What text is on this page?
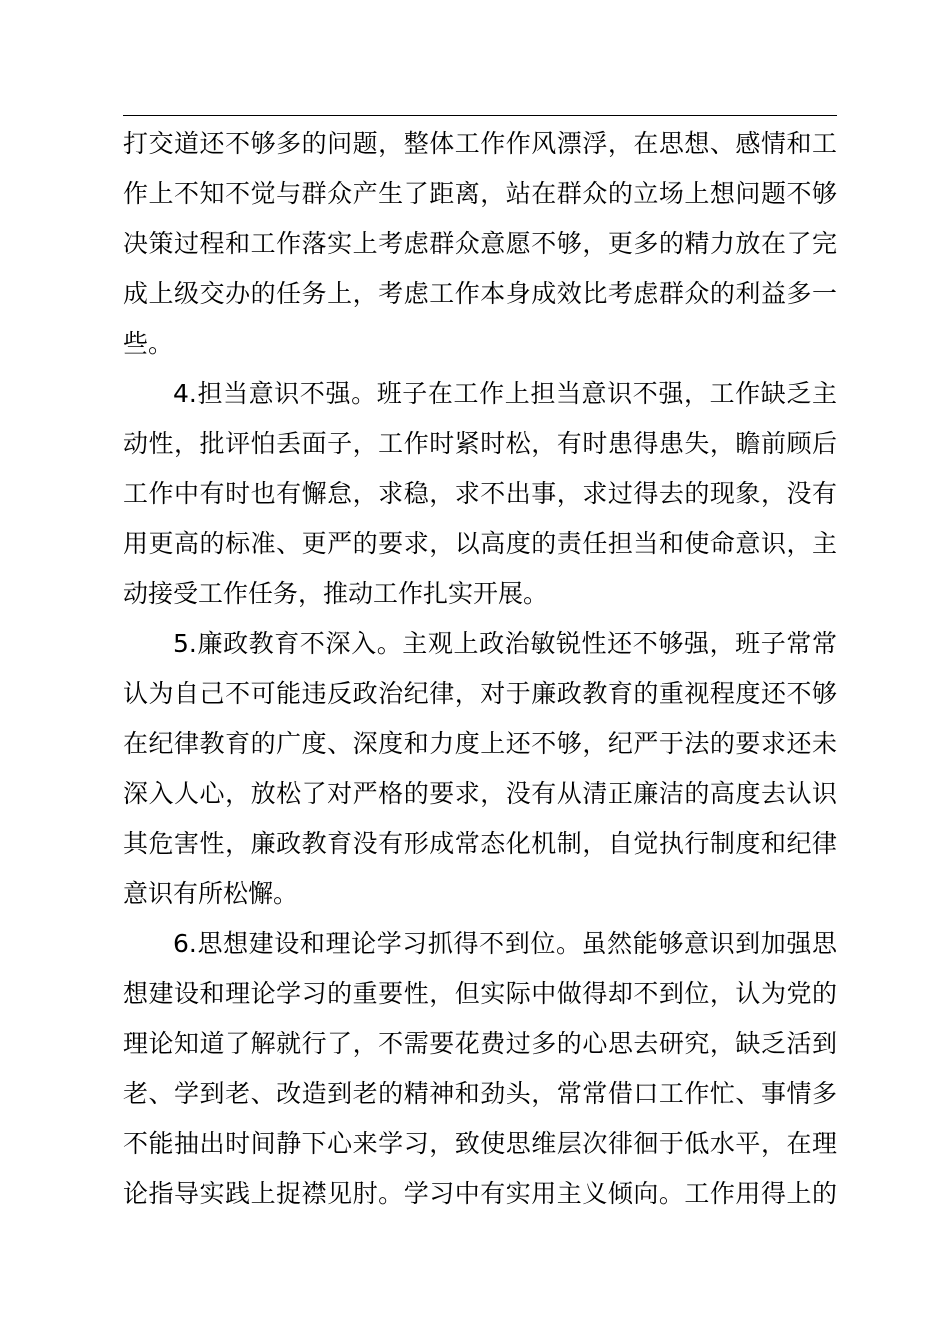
打交道还不够多的问题，整体工作作风漂浮，在思想、感情和工
作上不知不觉与群众产生了距离，站在群众的立场上想问题不够
决策过程和工作落实上考虑群众意愿不够，更多的精力放在了完
成上级交办的任务上，考虑工作本身成效比考虑群众的利益多一
些。
4.担当意识不强。班子在工作上担当意识不强，工作缺乏主
动性，批评怕丢面子，工作时紧时松，有时患得患失，瞻前顾后
工作中有时也有懈怠，求稳，求不出事，求过得去的现象，没有
用更高的标准、更严的要求，以高度的责任担当和使命意识，主
动接受工作任务，推动工作扎实开展。
5.廉政教育不深入。主观上政治敏锐性还不够强，班子常常
认为自己不可能违反政治纪律，对于廉政教育的重视程度还不够
在纪律教育的广度、深度和力度上还不够，纪严于法的要求还未
深入人心，放松了对严格的要求，没有从清正廉洁的高度去认识
其危害性，廉政教育没有形成常态化机制，自觉执行制度和纪律
意识有所松懈。
6.思想建设和理论学习抓得不到位。虽然能够意识到加强思
想建设和理论学习的重要性，但实际中做得却不到位，认为党的
理论知道了解就行了，不需要花费过多的心思去研究，缺乏活到
老、学到老、改造到老的精神和劲头，常常借口工作忙、事情多
不能抽出时间静下心来学习，致使思维层次徘徊于低水平，在理
论指导实践上捉襟见肘。学习中有实用主义倾向。工作用得上的
